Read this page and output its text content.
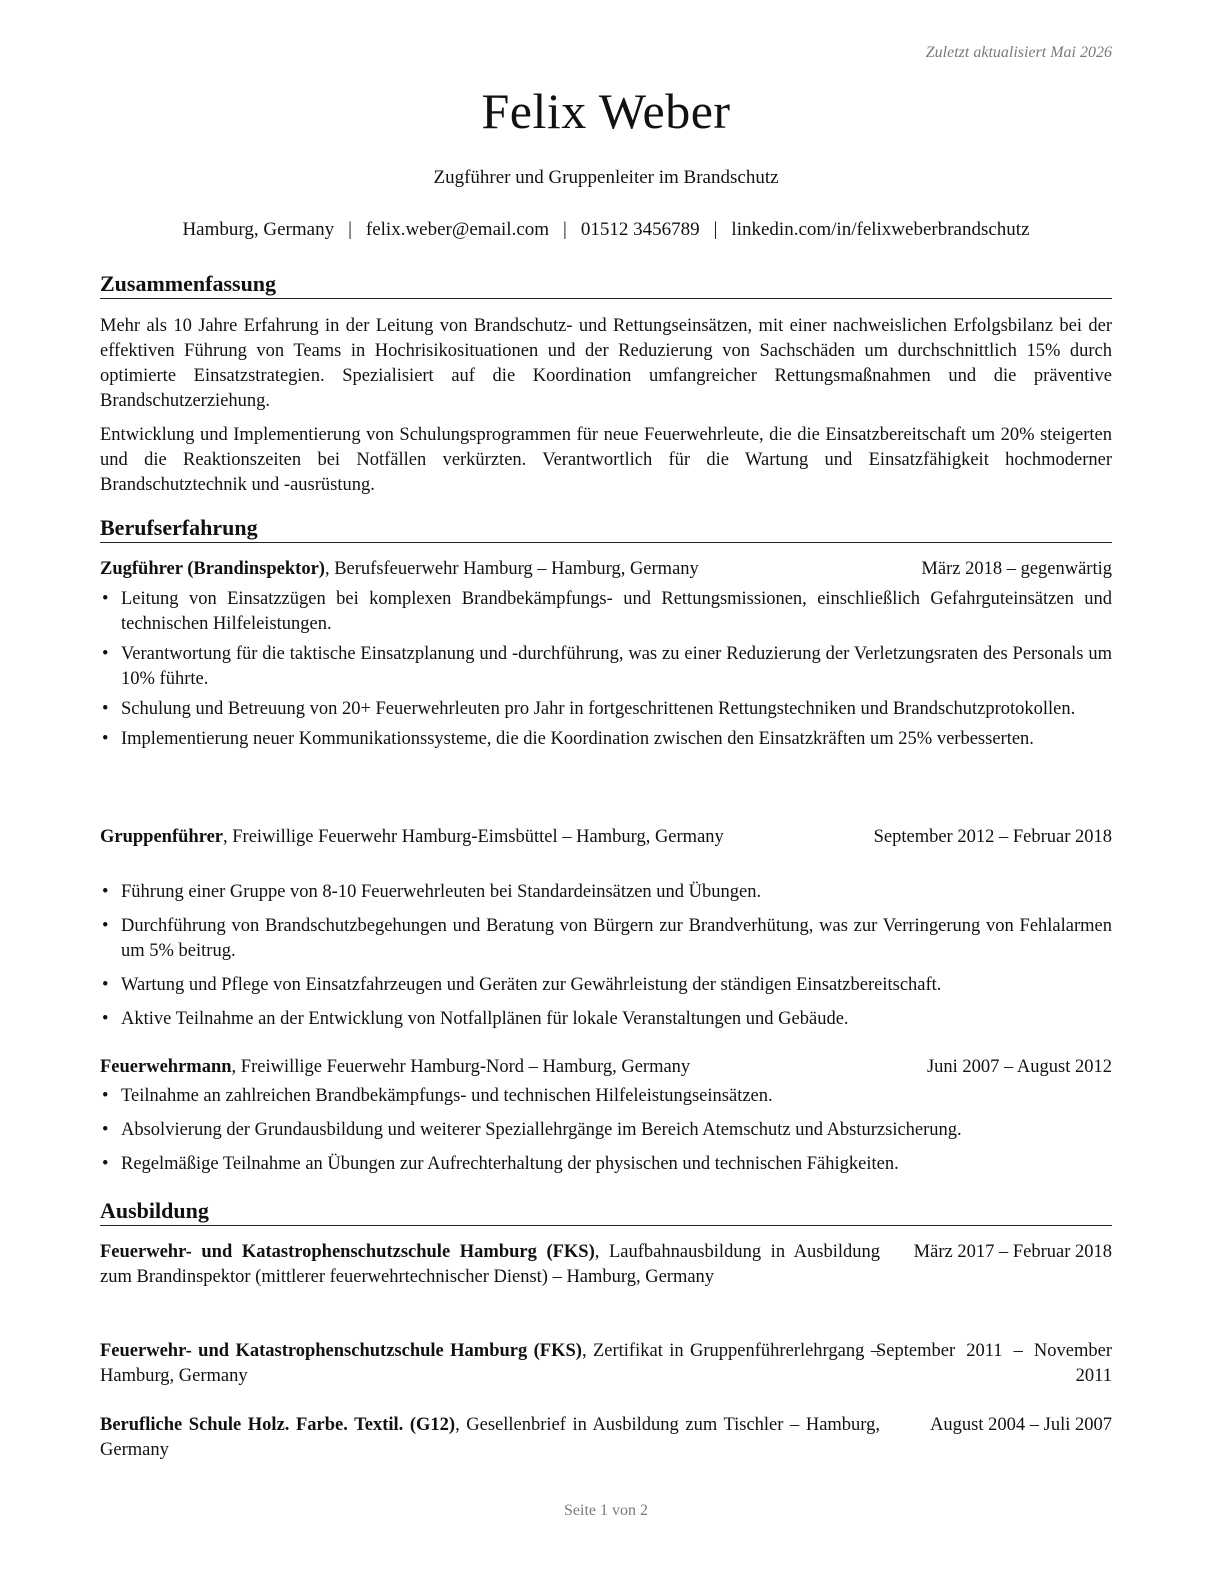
Zuletzt aktualisiert Mai 2026
Felix Weber
Zugführer und Gruppenleiter im Brandschutz
Hamburg, Germany | felix.weber@email.com | 01512 3456789 | linkedin.com/in/felixweberbrandschutz
Zusammenfassung
Mehr als 10 Jahre Erfahrung in der Leitung von Brandschutz- und Rettungseinsätzen, mit einer nachweislichen Erfolgsbilanz bei der effektiven Führung von Teams in Hochrisikosituationen und der Reduzierung von Sachschäden um durchschnittlich 15% durch optimierte Einsatzstrategien. Spezialisiert auf die Koordination umfangreicher Rettungsmaßnahmen und die präventive Brandschutzerziehung.
Entwicklung und Implementierung von Schulungsprogrammen für neue Feuerwehrleute, die die Einsatzbereitschaft um 20% steigerten und die Reaktionszeiten bei Notfällen verkürzten. Verantwortlich für die Wartung und Einsatzfähigkeit hochmoderner Brandschutztechnik und -ausrüstung.
Berufserfahrung
Zugführer (Brandinspektor), Berufsfeuerwehr Hamburg – Hamburg, Germany	März 2018 – gegenwärtig
• Leitung von Einsatzzügen bei komplexen Brandbekämpfungs- und Rettungsmissionen, einschließlich Gefahrguteinsätzen und technischen Hilfeleistungen.
• Verantwortung für die taktische Einsatzplanung und -durchführung, was zu einer Reduzierung der Verletzungsraten des Personals um 10% führte.
• Schulung und Betreuung von 20+ Feuerwehrleuten pro Jahr in fortgeschrittenen Rettungstechniken und Brandschutzprotokollen.
• Implementierung neuer Kommunikationssysteme, die die Koordination zwischen den Einsatzkräften um 25% verbesserten.
Gruppenführer, Freiwillige Feuerwehr Hamburg-Eimsbüttel – Hamburg, Germany	September 2012 – Februar 2018
• Führung einer Gruppe von 8-10 Feuerwehrleuten bei Standardeinsätzen und Übungen.
• Durchführung von Brandschutzbegehungen und Beratung von Bürgern zur Brandverhütung, was zur Verringerung von Fehlalarmen um 5% beitrug.
• Wartung und Pflege von Einsatzfahrzeugen und Geräten zur Gewährleistung der ständigen Einsatzbereitschaft.
• Aktive Teilnahme an der Entwicklung von Notfallplänen für lokale Veranstaltungen und Gebäude.
Feuerwehrmann, Freiwillige Feuerwehr Hamburg-Nord – Hamburg, Germany	Juni 2007 – August 2012
• Teilnahme an zahlreichen Brandbekämpfungs- und technischen Hilfeleistungseinsätzen.
• Absolvierung der Grundausbildung und weiterer Speziallehrgänge im Bereich Atemschutz und Absturzsicherung.
• Regelmäßige Teilnahme an Übungen zur Aufrechterhaltung der physischen und technischen Fähigkeiten.
Ausbildung
Feuerwehr- und Katastrophenschutzschule Hamburg (FKS), Laufbahnausbildung in Ausbildung zum Brandinspektor (mittlerer feuerwehrtechnischer Dienst) – Hamburg, Germany
März 2017 – Februar 2018
Feuerwehr- und Katastrophenschutzschule Hamburg (FKS), Zertifikat in Gruppenführerlehrgang – Hamburg, Germany
September 2011 – November 2011
Berufliche Schule Holz. Farbe. Textil. (G12), Gesellenbrief in Ausbildung zum Tischler – Hamburg, Germany
August 2004 – Juli 2007
Seite 1 von 2
